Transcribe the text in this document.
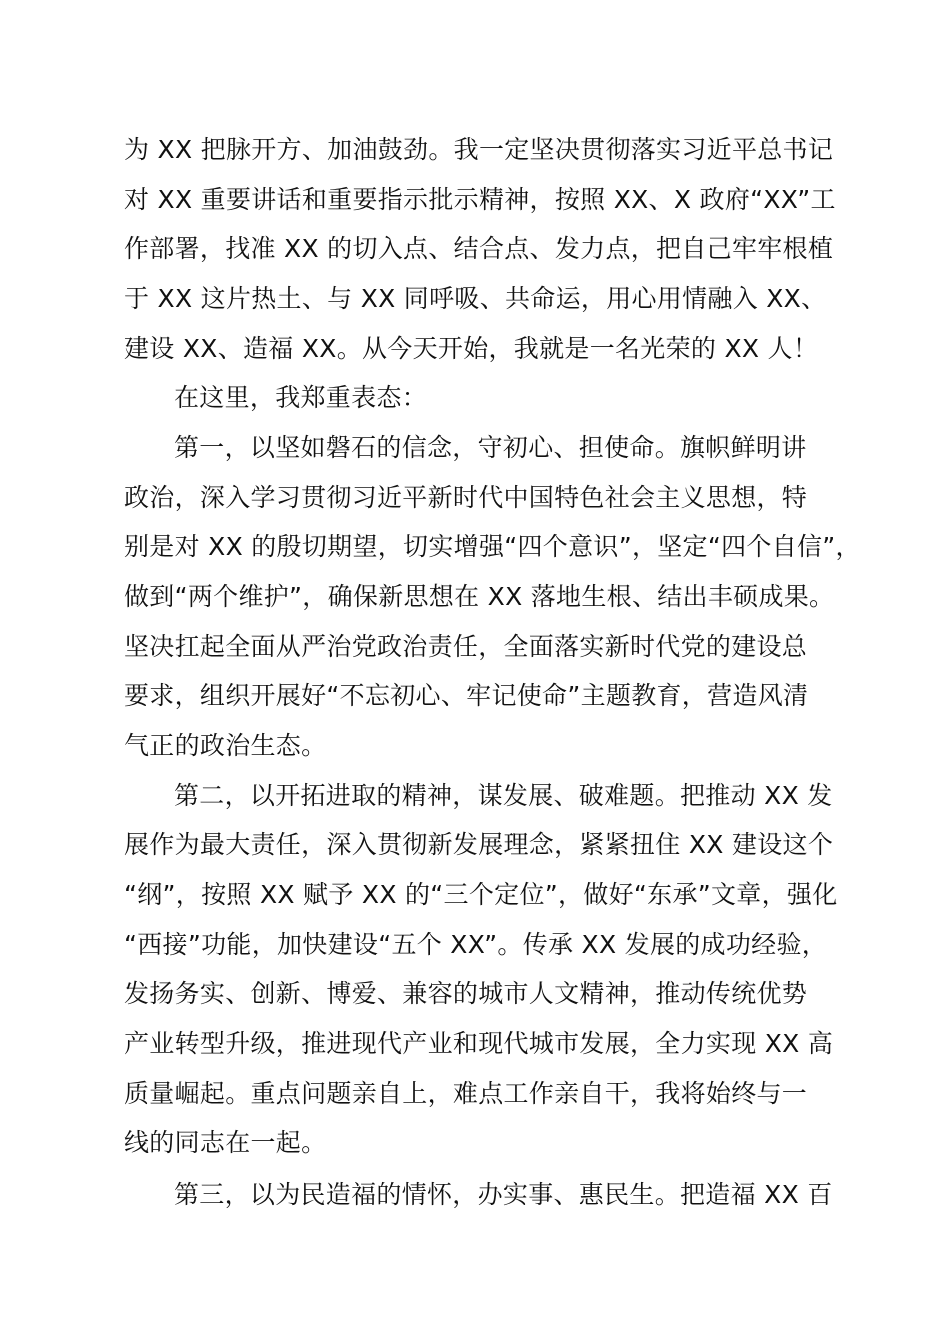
为 XX 把脉开方、加油鼓劲。我一定坚决贯彻落实习近平总书记
对 XX 重要讲话和重要指示批示精神，按照 XX、X 政府“XX”工
作部署，找准 XX 的切入点、结合点、发力点，把自己牢牢根植
于 XX 这片热土、与 XX 同呼吸、共命运，用心用情融入 XX、
建设 XX、造福 XX。从今天开始，我就是一名光荣的 XX 人！
在这里，我郑重表态：
第一，以坚如磐石的信念，守初心、担使命。旗帜鲜明讲
政治，深入学习贯彻习近平新时代中国特色社会主义思想，特
别是对 XX 的殷切期望，切实增强“四个意识”，坚定“四个自信”，
做到“两个维护”，确保新思想在 XX 落地生根、结出丰硕成果。
坚决扛起全面从严治党政治责任，全面落实新时代党的建设总
要求，组织开展好“不忘初心、牢记使命”主题教育，营造风清
气正的政治生态。
第二，以开拓进取的精神，谋发展、破难题。把推动 XX 发
展作为最大责任，深入贯彻新发展理念，紧紧扭住 XX 建设这个
“纲”，按照 XX 赋予 XX 的“三个定位”，做好“东承”文章，强化
“西接”功能，加快建设“五个 XX”。传承 XX 发展的成功经验，
发扬务实、创新、博爱、兼容的城市人文精神，推动传统优势
产业转型升级，推进现代产业和现代城市发展，全力实现 XX 高
质量崛起。重点问题亲自上，难点工作亲自干，我将始终与一
线的同志在一起。
第三，以为民造福的情怀，办实事、惠民生。把造福 XX 百
